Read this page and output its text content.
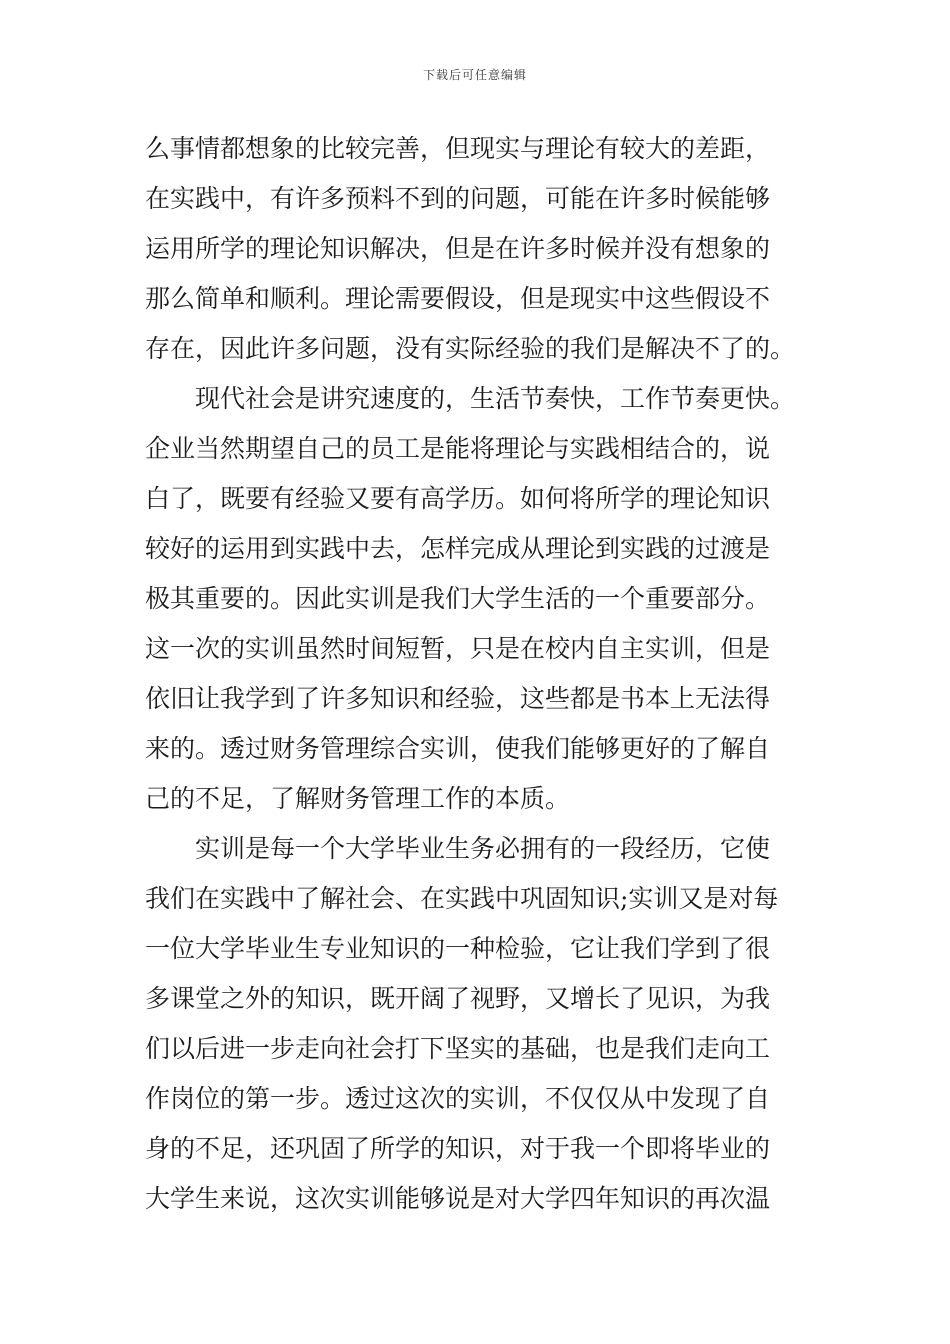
下载后可任意编辑
么事情都想象的比较完善，但现实与理论有较大的差距，
在实践中，有许多预料不到的问题，可能在许多时候能够
运用所学的理论知识解决，但是在许多时候并没有想象的
那么简单和顺利。理论需要假设，但是现实中这些假设不
存在，因此许多问题，没有实际经验的我们是解决不了的。
现代社会是讲究速度的，生活节奏快，工作节奏更快。
企业当然期望自己的员工是能将理论与实践相结合的，说
白了，既要有经验又要有高学历。如何将所学的理论知识
较好的运用到实践中去，怎样完成从理论到实践的过渡是
极其重要的。因此实训是我们大学生活的一个重要部分。
这一次的实训虽然时间短暂，只是在校内自主实训，但是
依旧让我学到了许多知识和经验，这些都是书本上无法得
来的。透过财务管理综合实训，使我们能够更好的了解自
己的不足，了解财务管理工作的本质。
实训是每一个大学毕业生务必拥有的一段经历，它使
我们在实践中了解社会、在实践中巩固知识;实训又是对每
一位大学毕业生专业知识的一种检验，它让我们学到了很
多课堂之外的知识，既开阔了视野，又增长了见识，为我
们以后进一步走向社会打下坚实的基础，也是我们走向工
作岗位的第一步。透过这次的实训，不仅仅从中发现了自
身的不足，还巩固了所学的知识，对于我一个即将毕业的
大学生来说，这次实训能够说是对大学四年知识的再次温
